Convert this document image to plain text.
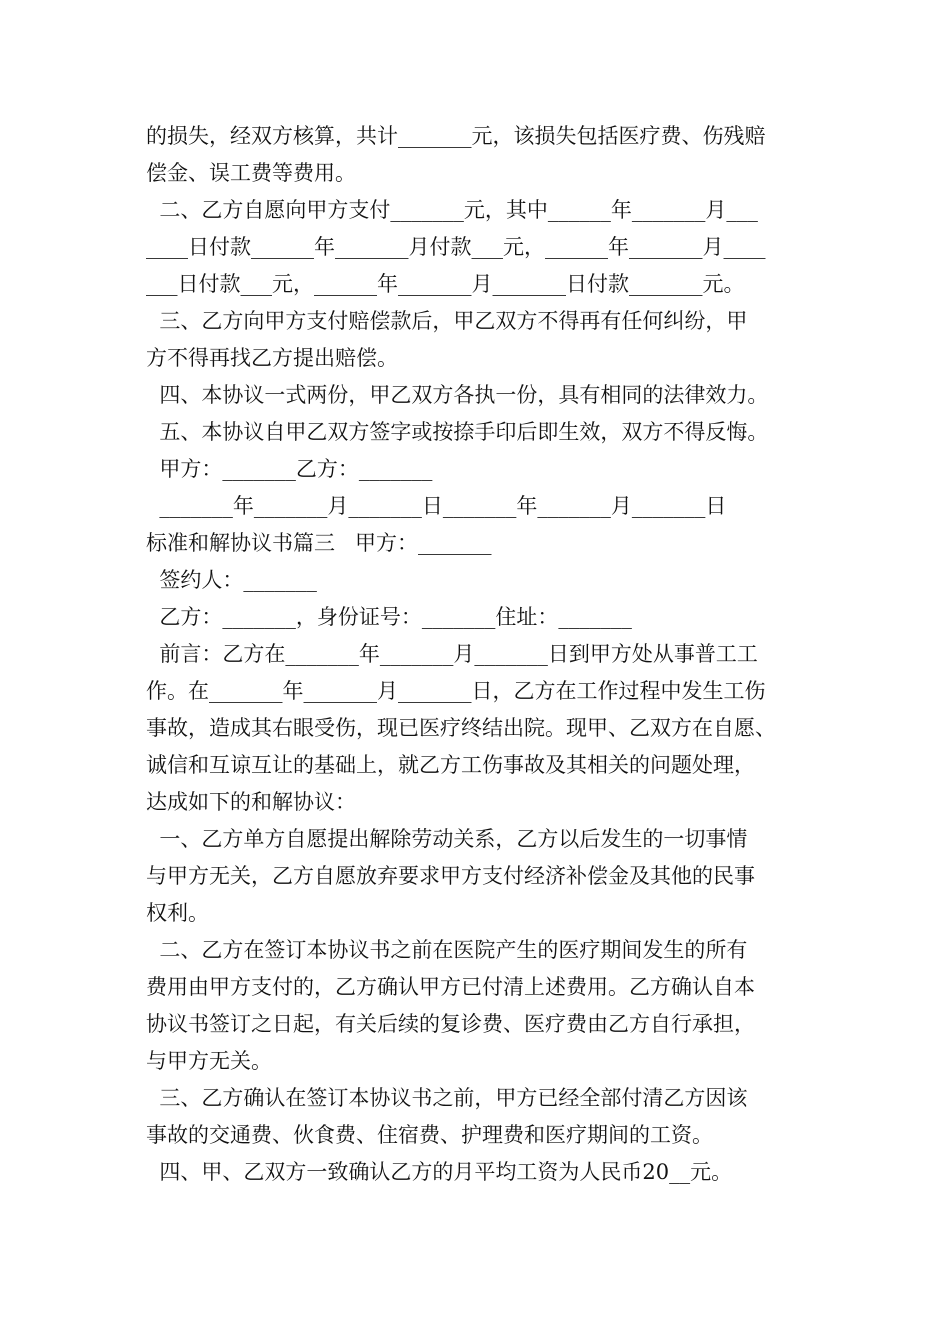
的损失，经双方核算，共计_______元，该损失包括医疗费、伤残赔
偿金、误工费等费用。
二、乙方自愿向甲方支付_______元，其中______年_______月___
____日付款______年_______月付款___元，______年_______月____
___日付款___元，______年_______月_______日付款_______元。
三、乙方向甲方支付赔偿款后，甲乙双方不得再有任何纠纷，甲
方不得再找乙方提出赔偿。
四、本协议一式两份，甲乙双方各执一份，具有相同的法律效力。
五、本协议自甲乙双方签字或按捺手印后即生效，双方不得反悔。
甲方：_______乙方：_______
_______年_______月_______日_______年_______月_______日
标准和解协议书篇三   甲方：_______
签约人：_______
乙方：_______，身份证号：_______住址：_______
前言：乙方在_______年_______月_______日到甲方处从事普工工
作。在_______年_______月_______日，乙方在工作过程中发生工伤
事故，造成其右眼受伤，现已医疗终结出院。现甲、乙双方在自愿、
诚信和互谅互让的基础上，就乙方工伤事故及其相关的问题处理，
达成如下的和解协议：
一、乙方单方自愿提出解除劳动关系，乙方以后发生的一切事情
与甲方无关，乙方自愿放弃要求甲方支付经济补偿金及其他的民事
权利。
二、乙方在签订本协议书之前在医院产生的医疗期间发生的所有
费用由甲方支付的，乙方确认甲方已付清上述费用。乙方确认自本
协议书签订之日起，有关后续的复诊费、医疗费由乙方自行承担，
与甲方无关。
三、乙方确认在签订本协议书之前，甲方已经全部付清乙方因该
事故的交通费、伙食费、住宿费、护理费和医疗期间的工资。
四、甲、乙双方一致确认乙方的月平均工资为人民币20__元。
